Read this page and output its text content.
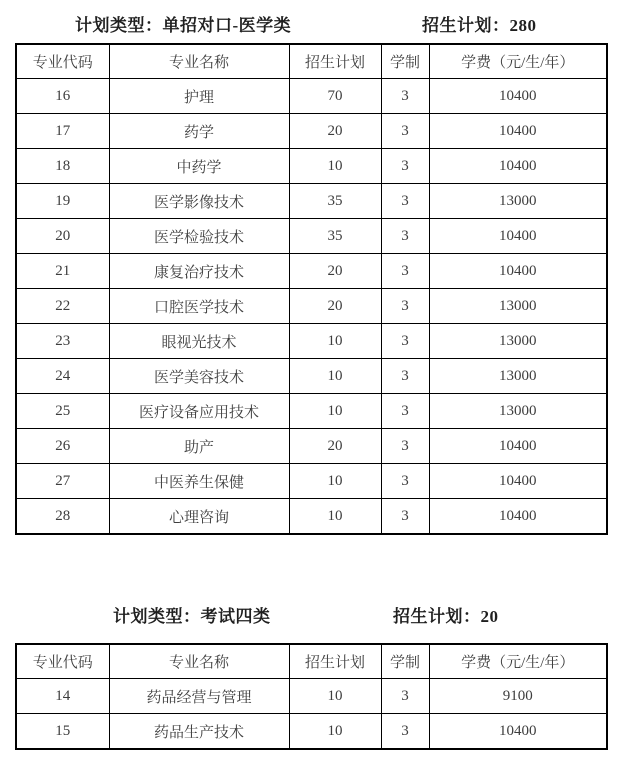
计划类型：单招对口-医学类	招生计划：280
专业代码	专业名称	招生计划	学制	学费（元/生/年）
16	护理	70	3	10400
17	药学	20	3	10400
18	中药学	10	3	10400
19	医学影像技术	35	3	13000
20	医学检验技术	35	3	10400
21	康复治疗技术	20	3	10400
22	口腔医学技术	20	3	13000
23	眼视光技术	10	3	13000
24	医学美容技术	10	3	13000
25	医疗设备应用技术	10	3	13000
26	助产	20	3	10400
27	中医养生保健	10	3	10400
28	心理咨询	10	3	10400
计划类型：考试四类	招生计划：20
专业代码	专业名称	招生计划	学制	学费（元/生/年）
14	药品经营与管理	10	3	9100
15	药品生产技术	10	3	10400
